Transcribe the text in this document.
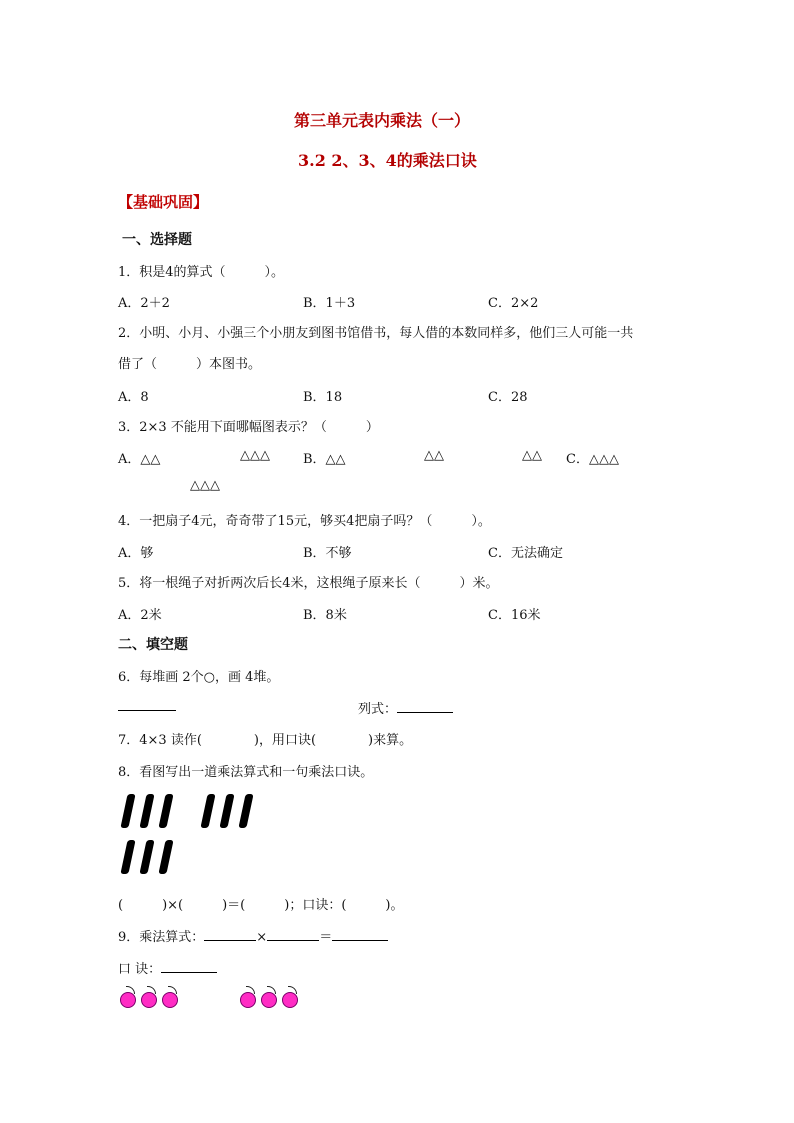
第三单元表内乘法（一）
3.2 2、3、4的乘法口诀
【基础巩固】
一、选择题
1．积是4的算式（　　　）。
A．2＋2	B．1＋3	C．2×2
2．小明、小月、小强三个小朋友到图书馆借书，每人借的本数同样多，他们三人可能一共
借了（　　　）本图书。
A．8	B．18	C．28
3．2×3 不能用下面哪幅图表示？（　　　）
A．△△	△△△	B．△△	△△	△△ C．△△△
△△△
4．一把扇子4元，奇奇带了15元，够买4把扇子吗？（　　　）。
A．够	B．不够	C．无法确定
5．将一根绳子对折两次后长4米，这根绳子原来长（　　　）米。
A．2米	B．8米	C．16米
二、填空题
6．每堆画 2个○，画 4堆。
列式：
7．4×3 读作(　　　　)，用口诀(　　　　)来算。
8．看图写出一道乘法算式和一句乘法口诀。
(　　　)×(　　　)＝(　　　)；口诀：(　　　)。
9．乘法算式：	×	＝
口 诀：
